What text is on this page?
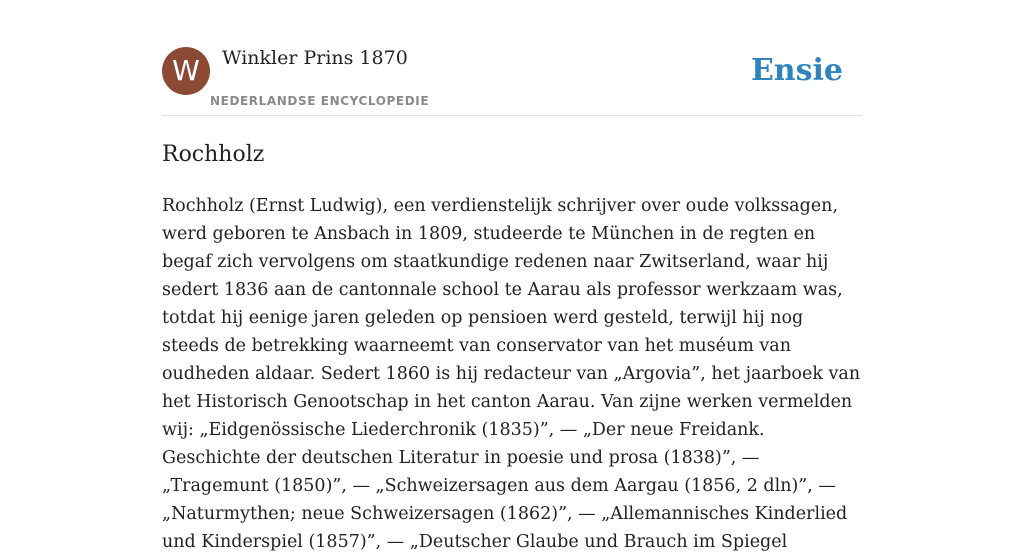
W	Winkler Prins 1870
NEDERLANDSE ENCYCLOPEDIE
Ensie
Rochholz

Rochholz (Ernst Ludwig), een verdienstelijk schrijver over oude volkssagen, werd geboren te Ansbach in 1809, studeerde te München in de regten en begaf zich vervolgens om staatkundige redenen naar Zwitserland, waar hij sedert 1836 aan de cantonnale school te Aarau als professor werkzaam was, totdat hij eenige jaren geleden op pensioen werd gesteld, terwijl hij nog steeds de betrekking waarneemt van conservator van het muséum van oudheden aldaar. Sedert 1860 is hij redacteur van „Argovia”, het jaarboek van het Historisch Genootschap in het canton Aarau. Van zijne werken vermelden wij: „Eidgenössische Liederchronik (1835)”, — „Der neue Freidank. Geschichte der deutschen Literatur in poesie und prosa (1838)”, — „Tragemunt (1850)”, — „Schweizersagen aus dem Aargau (1856, 2 dln)”, — „Naturmythen; neue Schweizersagen (1862)”, — „Allemannisches Kinderlied und Kinderspiel (1857)”, — „Deutscher Glaube und Brauch im Spiegel
